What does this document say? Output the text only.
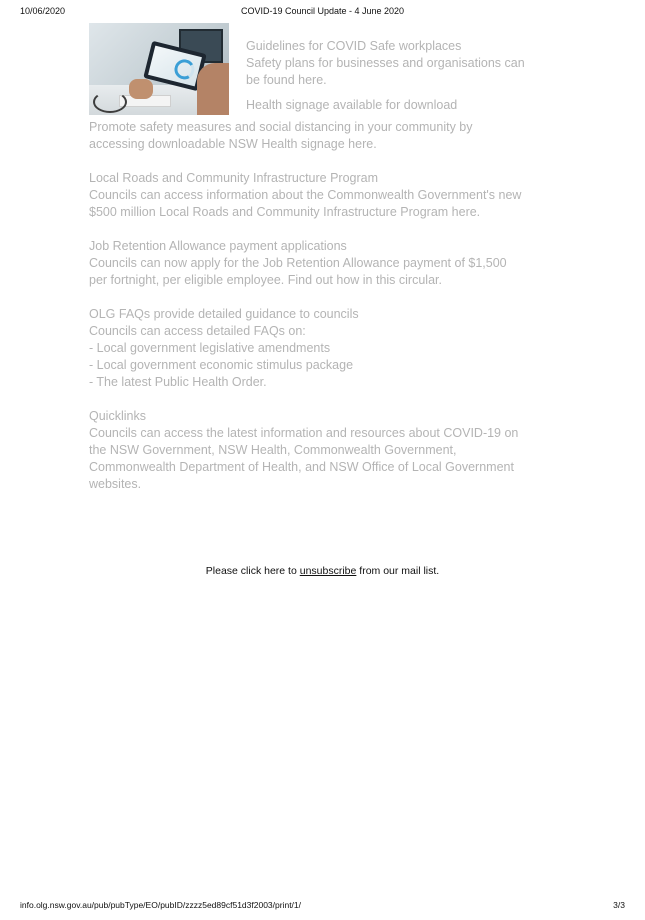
10/06/2020	COVID-19 Council Update - 4 June 2020

Guidelines for COVID Safe workplaces
Safety plans for businesses and organisations can
be found here.

Health signage available for download

Promote safety measures and social distancing in your community by
accessing downloadable NSW Health signage here.

Local Roads and Community Infrastructure Program
Councils can access information about the Commonwealth Government's new
$500 million Local Roads and Community Infrastructure Program here.

Job Retention Allowance payment applications
Councils can now apply for the Job Retention Allowance payment of $1,500
per fortnight, per eligible employee. Find out how in this circular.

OLG FAQs provide detailed guidance to councils
Councils can access detailed FAQs on:
- Local government legislative amendments
- Local government economic stimulus package
- The latest Public Health Order.

Quicklinks
Councils can access the latest information and resources about COVID-19 on
the NSW Government, NSW Health, Commonwealth Government,
Commonwealth Department of Health, and NSW Office of Local Government
websites.

Please click here to unsubscribe from our mail list.
info.olg.nsw.gov.au/pub/pubType/EO/pubID/zzzz5ed89cf51d3f2003/print/1/	3/3
